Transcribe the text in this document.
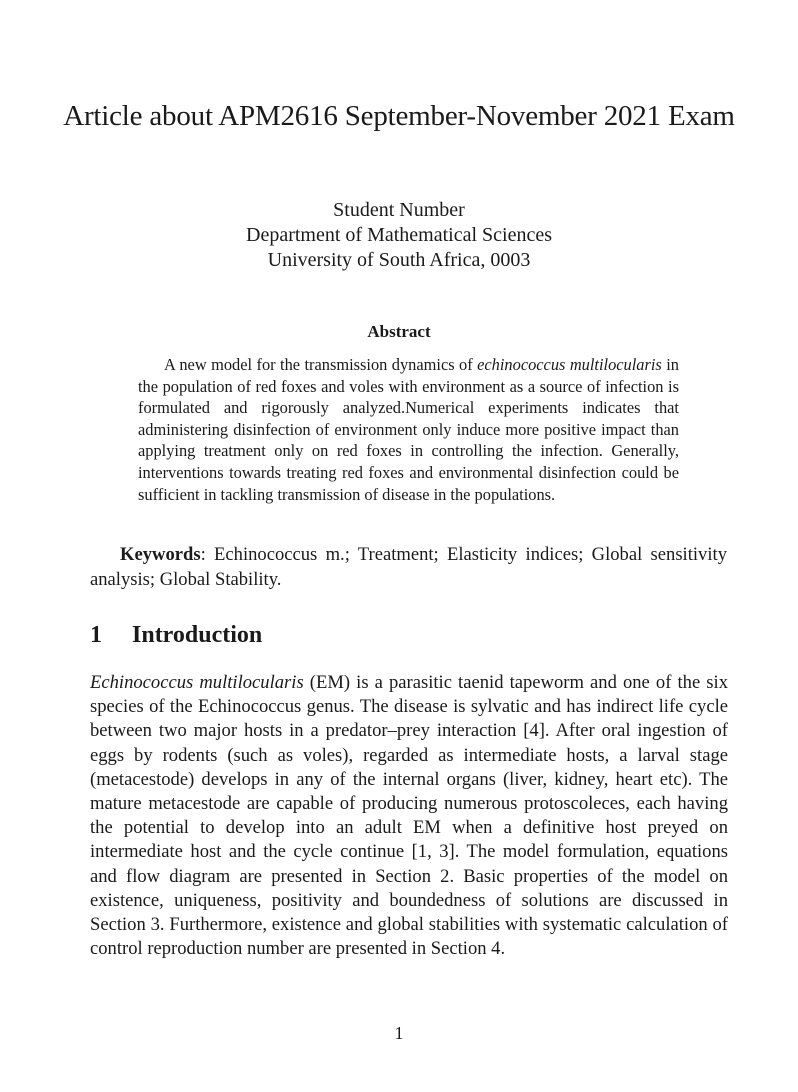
Article about APM2616 September-November 2021 Exam
Student Number
Department of Mathematical Sciences
University of South Africa, 0003
Abstract

A new model for the transmission dynamics of echinococcus multilocularis in the population of red foxes and voles with environment as a source of infection is formulated and rigorously analyzed.Numerical experiments indicates that administering disinfection of environment only induce more positive impact than applying treatment only on red foxes in controlling the infection. Generally, interventions towards treating red foxes and environmental disinfection could be sufficient in tackling transmission of disease in the populations.

Keywords: Echinococcus m.; Treatment; Elasticity indices; Global sensitivity analysis; Global Stability.

1 Introduction

Echinococcus multilocularis (EM) is a parasitic taenid tapeworm and one of the six species of the Echinococcus genus. The disease is sylvatic and has indirect life cycle between two major hosts in a predator–prey interaction [4]. After oral ingestion of eggs by rodents (such as voles), regarded as intermediate hosts, a larval stage (metacestode) develops in any of the internal organs (liver, kidney, heart etc). The mature metacestode are capable of producing numerous protoscoleces, each having the potential to develop into an adult EM when a definitive host preyed on intermediate host and the cycle continue [1, 3]. The model formulation, equations and flow diagram are presented in Section 2. Basic properties of the model on existence, uniqueness, positivity and boundedness of solutions are discussed in Section 3. Furthermore, existence and global stabilities with systematic calculation of control reproduction number are presented in Section 4.

1
